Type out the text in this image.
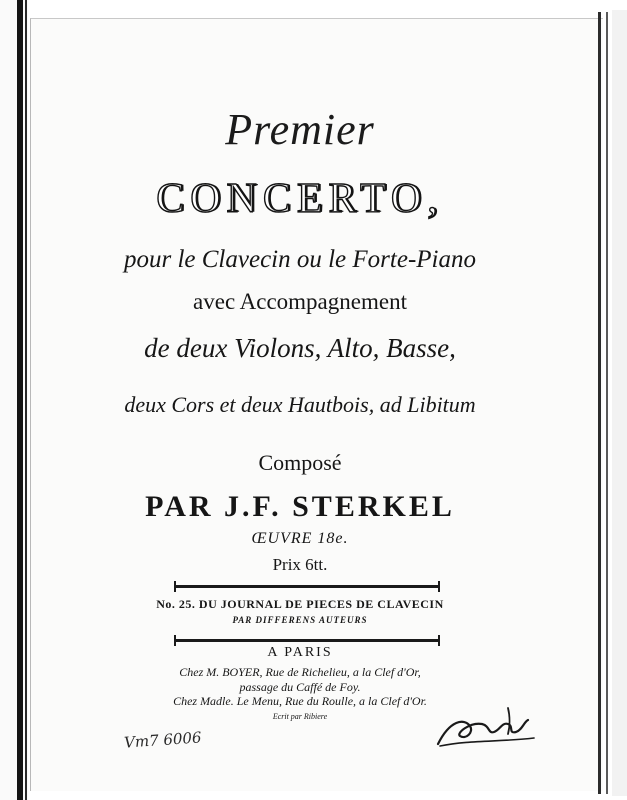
Premier
CONCERTO,
pour le Clavecin ou le Forte-Piano
avec Accompagnement
de deux Violons, Alto, Basse,
deux Cors et deux Hautbois, ad Libitum
Composé
PAR J.F. STERKEL
ŒUVRE 18e.
Prix 6tt.
No. 25. DU JOURNAL DE PIECES DE CLAVECIN
PAR DIFFERENS AUTEURS
A PARIS
Chez M. BOYER, Rue de Richelieu, a la Clef d'Or,
passage du Caffé de Foy.
Chez Madle. Le Menu, Rue du Roulle, a la Clef d'Or.
Ecrit par Ribiere
Vm7 6006
